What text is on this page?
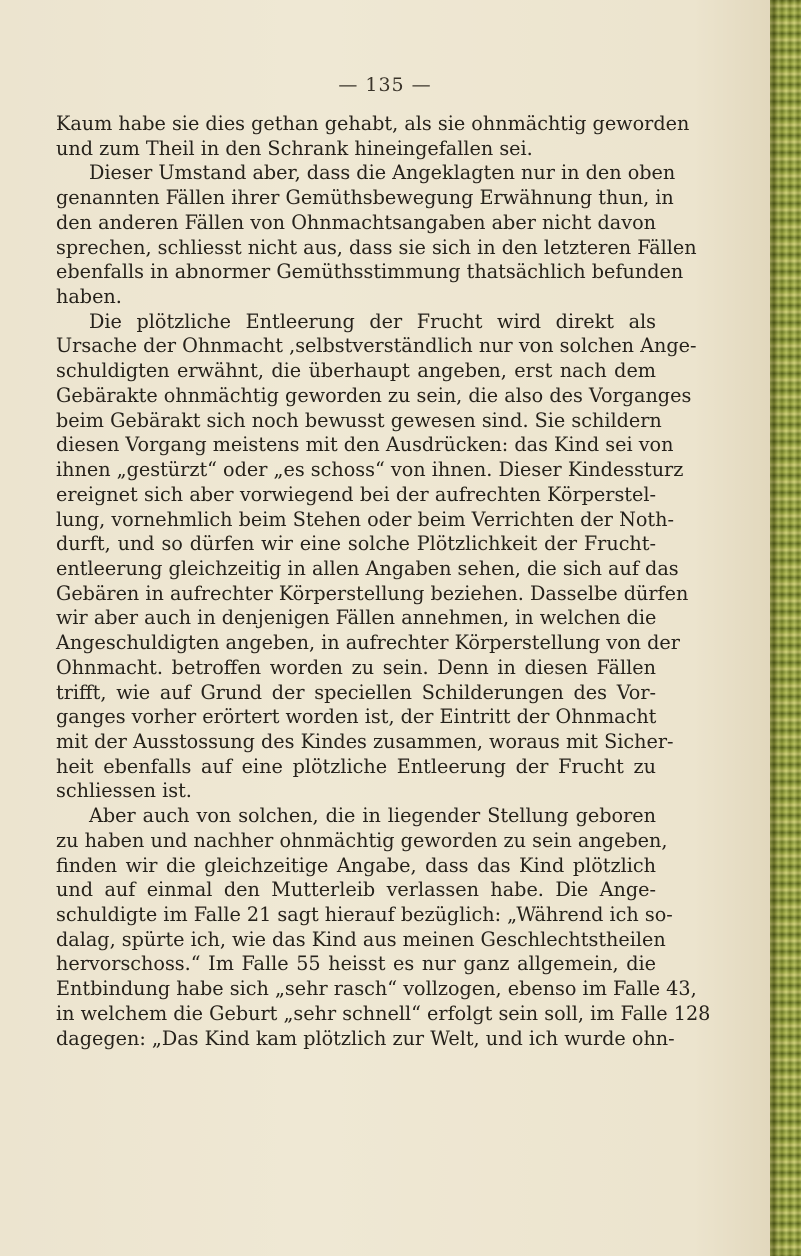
— 135 —
Kaum habe sie dies gethan gehabt, als sie ohnmächtig geworden
und zum Theil in den Schrank hineingefallen sei.
Dieser Umstand aber, dass die Angeklagten nur in den oben
genannten Fällen ihrer Gemüthsbewegung Erwähnung thun, in
den anderen Fällen von Ohnmachtsangaben aber nicht davon
sprechen, schliesst nicht aus, dass sie sich in den letzteren Fällen
ebenfalls in abnormer Gemüthsstimmung thatsächlich befunden
haben.
Die plötzliche Entleerung der Frucht wird direkt als
Ursache der Ohnmacht ,selbstverständlich nur von solchen Ange-
schuldigten erwähnt, die überhaupt angeben, erst nach dem
Gebärakte ohnmächtig geworden zu sein, die also des Vorganges
beim Gebärakt sich noch bewusst gewesen sind. Sie schildern
diesen Vorgang meistens mit den Ausdrücken: das Kind sei von
ihnen „gestürzt“ oder „es schoss“ von ihnen. Dieser Kindessturz
ereignet sich aber vorwiegend bei der aufrechten Körperstel-
lung, vornehmlich beim Stehen oder beim Verrichten der Noth-
durft, und so dürfen wir eine solche Plötzlichkeit der Frucht-
entleerung gleichzeitig in allen Angaben sehen, die sich auf das
Gebären in aufrechter Körperstellung beziehen. Dasselbe dürfen
wir aber auch in denjenigen Fällen annehmen, in welchen die
Angeschuldigten angeben, in aufrechter Körperstellung von der
Ohnmacht. betroffen worden zu sein. Denn in diesen Fällen
trifft, wie auf Grund der speciellen Schilderungen des Vor-
ganges vorher erörtert worden ist, der Eintritt der Ohnmacht
mit der Ausstossung des Kindes zusammen, woraus mit Sicher-
heit ebenfalls auf eine plötzliche Entleerung der Frucht zu
schliessen ist.
Aber auch von solchen, die in liegender Stellung geboren
zu haben und nachher ohnmächtig geworden zu sein angeben,
finden wir die gleichzeitige Angabe, dass das Kind plötzlich
und auf einmal den Mutterleib verlassen habe. Die Ange-
schuldigte im Falle 21 sagt hierauf bezüglich: „Während ich so-
dalag, spürte ich, wie das Kind aus meinen Geschlechtstheilen
hervorschoss.“ Im Falle 55 heisst es nur ganz allgemein, die
Entbindung habe sich „sehr rasch“ vollzogen, ebenso im Falle 43,
in welchem die Geburt „sehr schnell“ erfolgt sein soll, im Falle 128
dagegen: „Das Kind kam plötzlich zur Welt, und ich wurde ohn-
